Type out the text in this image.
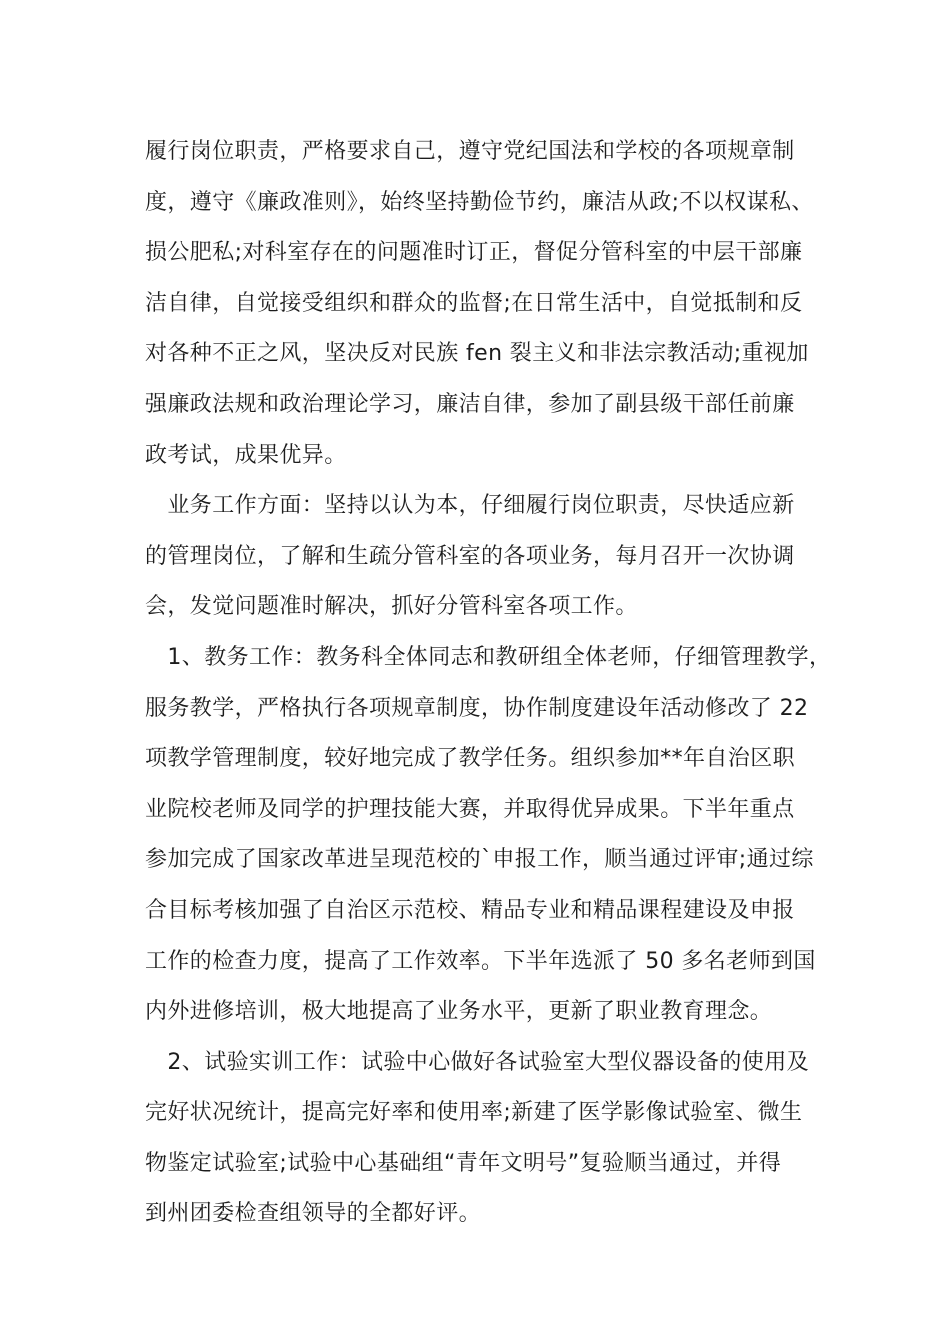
履行岗位职责，严格要求自己，遵守党纪国法和学校的各项规章制
度，遵守《廉政准则》，始终坚持勤俭节约，廉洁从政;不以权谋私、
损公肥私;对科室存在的问题准时订正，督促分管科室的中层干部廉
洁自律，自觉接受组织和群众的监督;在日常生活中，自觉抵制和反
对各种不正之风，坚决反对民族 fen 裂主义和非法宗教活动;重视加
强廉政法规和政治理论学习，廉洁自律，参加了副县级干部任前廉
政考试，成果优异。
　业务工作方面：坚持以认为本，仔细履行岗位职责，尽快适应新
的管理岗位，了解和生疏分管科室的各项业务，每月召开一次协调
会，发觉问题准时解决，抓好分管科室各项工作。
　1、教务工作：教务科全体同志和教研组全体老师，仔细管理教学，
服务教学，严格执行各项规章制度，协作制度建设年活动修改了 22
项教学管理制度，较好地完成了教学任务。组织参加**年自治区职
业院校老师及同学的护理技能大赛，并取得优异成果。下半年重点
参加完成了国家改革进呈现范校的`申报工作，顺当通过评审;通过综
合目标考核加强了自治区示范校、精品专业和精品课程建设及申报
工作的检查力度，提高了工作效率。下半年选派了 50 多名老师到国
内外进修培训，极大地提高了业务水平，更新了职业教育理念。
　2、试验实训工作：试验中心做好各试验室大型仪器设备的使用及
完好状况统计，提高完好率和使用率;新建了医学影像试验室、微生
物鉴定试验室;试验中心基础组“青年文明号”复验顺当通过，并得
到州团委检查组领导的全都好评。
